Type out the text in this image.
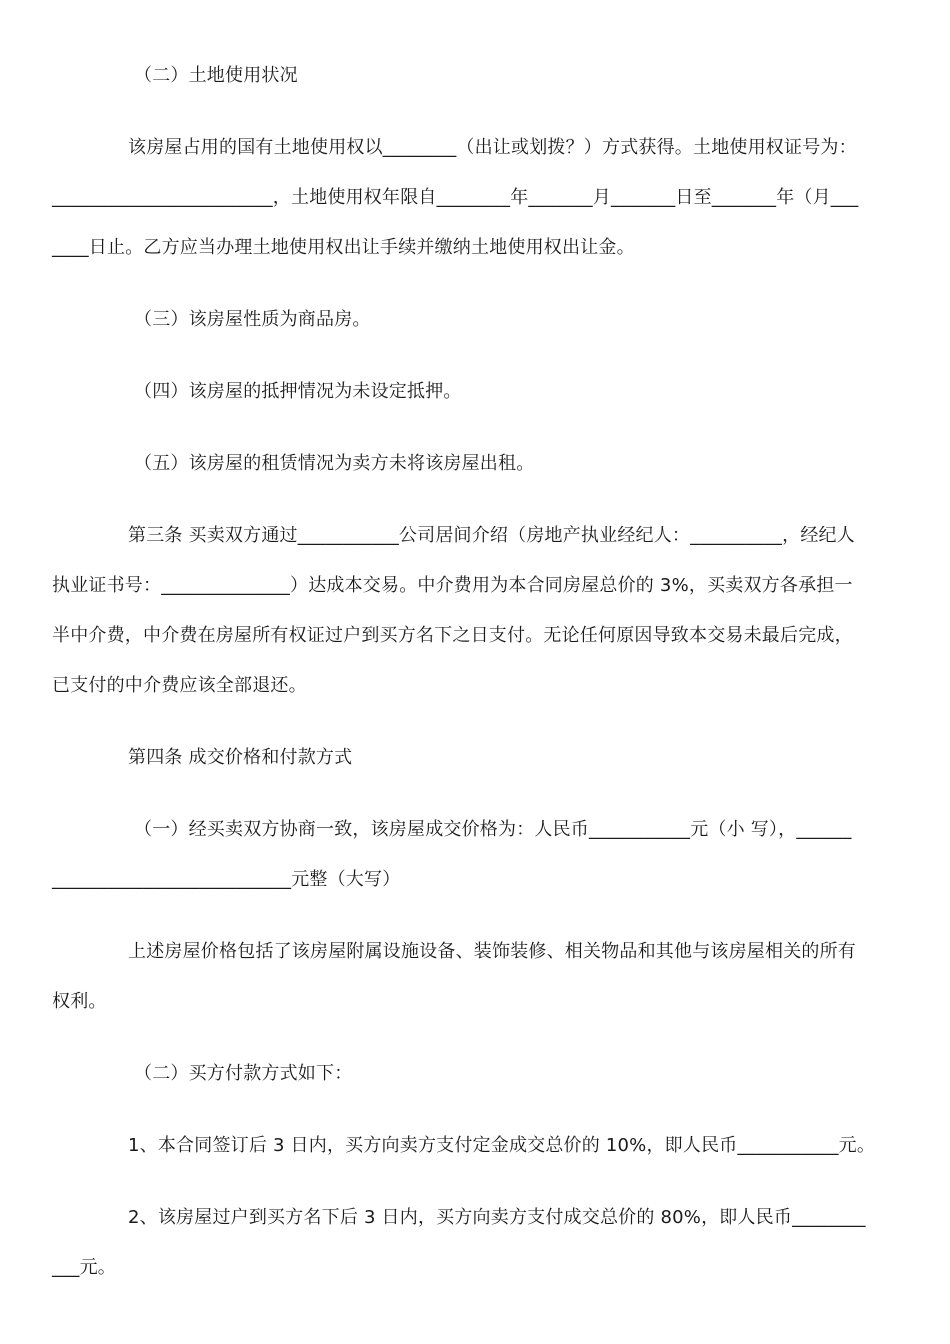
（二）土地使用状况
该房屋占用的国有土地使用权以________（出让或划拨？）方式获得。土地使用权证号为：
________________________，土地使用权年限自________年_______月_______日至_______年（月___
____日止。乙方应当办理土地使用权出让手续并缴纳土地使用权出让金。
（三）该房屋性质为商品房。
（四）该房屋的抵押情况为未设定抵押。
（五）该房屋的租赁情况为卖方未将该房屋出租。
第三条 买卖双方通过___________公司居间介绍（房地产执业经纪人：__________，经纪人
执业证书号：______________）达成本交易。中介费用为本合同房屋总价的 3%，买卖双方各承担一
半中介费，中介费在房屋所有权证过户到买方名下之日支付。无论任何原因导致本交易未最后完成，
已支付的中介费应该全部退还。
第四条 成交价格和付款方式
（一）经买卖双方协商一致，该房屋成交价格为：人民币___________元（小 写），______
__________________________元整（大写）
上述房屋价格包括了该房屋附属设施设备、装饰装修、相关物品和其他与该房屋相关的所有
权利。
（二）买方付款方式如下：
1、本合同签订后 3 日内，买方向卖方支付定金成交总价的 10%，即人民币___________元。
2、该房屋过户到买方名下后 3 日内，买方向卖方支付成交总价的 80%，即人民币________
___元。
